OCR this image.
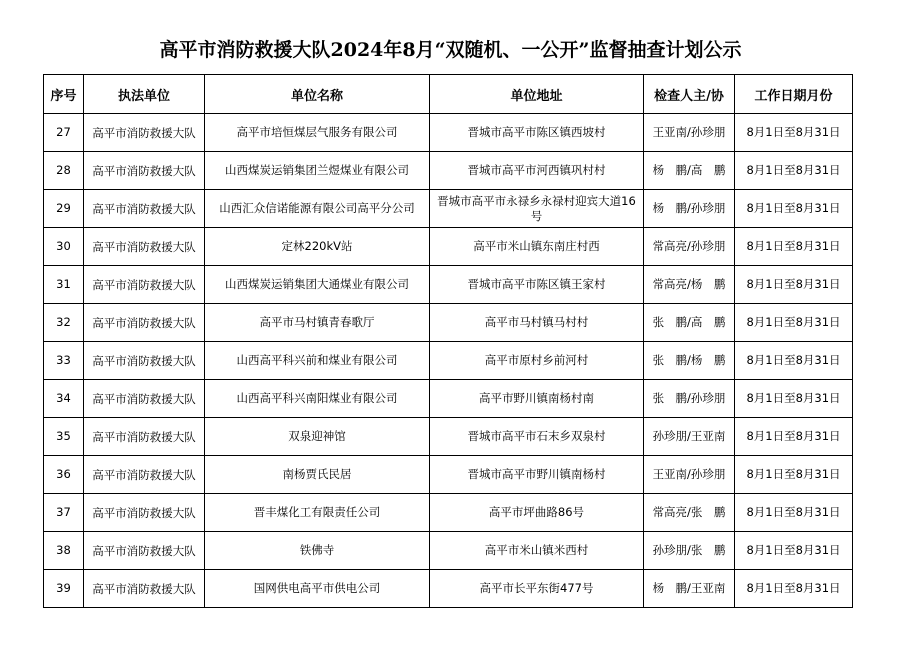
高平市消防救援大队2024年8月“双随机、一公开”监督抽查计划公示
序号	执法单位	单位名称	单位地址	检查人主/协	工作日期月份
27	高平市消防救援大队	高平市培恒煤层气服务有限公司	晋城市高平市陈区镇西坡村	王亚南/孙珍朋	8月1日至8月31日
28	高平市消防救援大队	山西煤炭运销集团兰煜煤业有限公司	晋城市高平市河西镇巩村村	杨　鹏/高　鹏	8月1日至8月31日
29	高平市消防救援大队	山西汇众信诺能源有限公司高平分公司	晋城市高平市永禄乡永禄村迎宾大道16号	杨　鹏/孙珍朋	8月1日至8月31日
30	高平市消防救援大队	定林220kV站	高平市米山镇东南庄村西	常高亮/孙珍朋	8月1日至8月31日
31	高平市消防救援大队	山西煤炭运销集团大通煤业有限公司	晋城市高平市陈区镇王家村	常高亮/杨　鹏	8月1日至8月31日
32	高平市消防救援大队	高平市马村镇青春歌厅	高平市马村镇马村村	张　鹏/高　鹏	8月1日至8月31日
33	高平市消防救援大队	山西高平科兴前和煤业有限公司	高平市原村乡前河村	张　鹏/杨　鹏	8月1日至8月31日
34	高平市消防救援大队	山西高平科兴南阳煤业有限公司	高平市野川镇南杨村南	张　鹏/孙珍朋	8月1日至8月31日
35	高平市消防救援大队	双泉迎神馆	晋城市高平市石末乡双泉村	孙珍朋/王亚南	8月1日至8月31日
36	高平市消防救援大队	南杨贾氏民居	晋城市高平市野川镇南杨村	王亚南/孙珍朋	8月1日至8月31日
37	高平市消防救援大队	晋丰煤化工有限责任公司	高平市坪曲路86号	常高亮/张　鹏	8月1日至8月31日
38	高平市消防救援大队	铁佛寺	高平市米山镇米西村	孙珍朋/张　鹏	8月1日至8月31日
39	高平市消防救援大队	国网供电高平市供电公司	高平市长平东街477号	杨　鹏/王亚南	8月1日至8月31日
